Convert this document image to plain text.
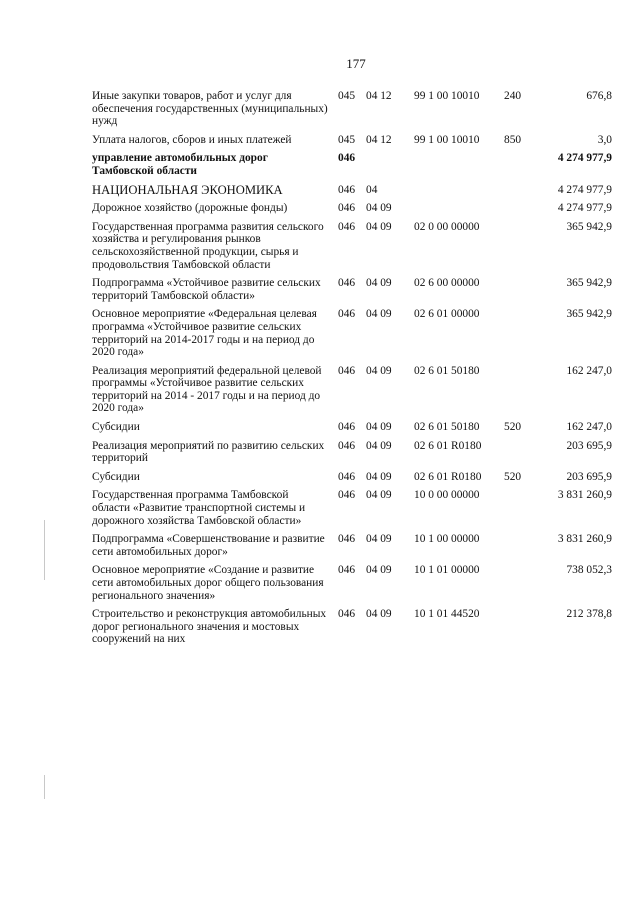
177
Иные закупки товаров, работ и услуг для обеспечения государственных (муниципальных) нужд	045	04 12	99 1 00 10010	240	676,8

Уплата налогов, сборов и иных платежей	045	04 12	99 1 00 10010	850	3,0

управление автомобильных дорог Тамбовской области	046				4 274 977,9

НАЦИОНАЛЬНАЯ ЭКОНОМИКА	046	04			4 274 977,9

Дорожное хозяйство (дорожные фонды)	046	04 09			4 274 977,9

Государственная программа развития сельского хозяйства и регулирования рынков сельскохозяйственной продукции, сырья и продовольствия Тамбовской области	046	04 09	02 0 00 00000		365 942,9

Подпрограмма «Устойчивое развитие сельских территорий Тамбовской области»	046	04 09	02 6 00 00000		365 942,9

Основное мероприятие «Федеральная целевая программа «Устойчивое развитие сельских территорий на 2014-2017 годы и на период до 2020 года»	046	04 09	02 6 01 00000		365 942,9

Реализация мероприятий федеральной целевой программы «Устойчивое развитие сельских территорий на 2014 - 2017 годы и на период до 2020 года»	046	04 09	02 6 01 50180		162 247,0

Субсидии	046	04 09	02 6 01 50180	520	162 247,0

Реализация мероприятий по развитию сельских территорий	046	04 09	02 6 01 R0180		203 695,9

Субсидии	046	04 09	02 6 01 R0180	520	203 695,9

Государственная программа Тамбовской области «Развитие транспортной системы и дорожного хозяйства Тамбовской области»	046	04 09	10 0 00 00000		3 831 260,9

Подпрограмма «Совершенствование и развитие сети автомобильных дорог»	046	04 09	10 1 00 00000		3 831 260,9

Основное мероприятие «Создание и развитие сети автомобильных дорог общего пользования регионального значения»	046	04 09	10 1 01 00000		738 052,3

Строительство и реконструкция автомобильных дорог регионального значения и мостовых сооружений на них	046	04 09	10 1 01 44520		212 378,8
